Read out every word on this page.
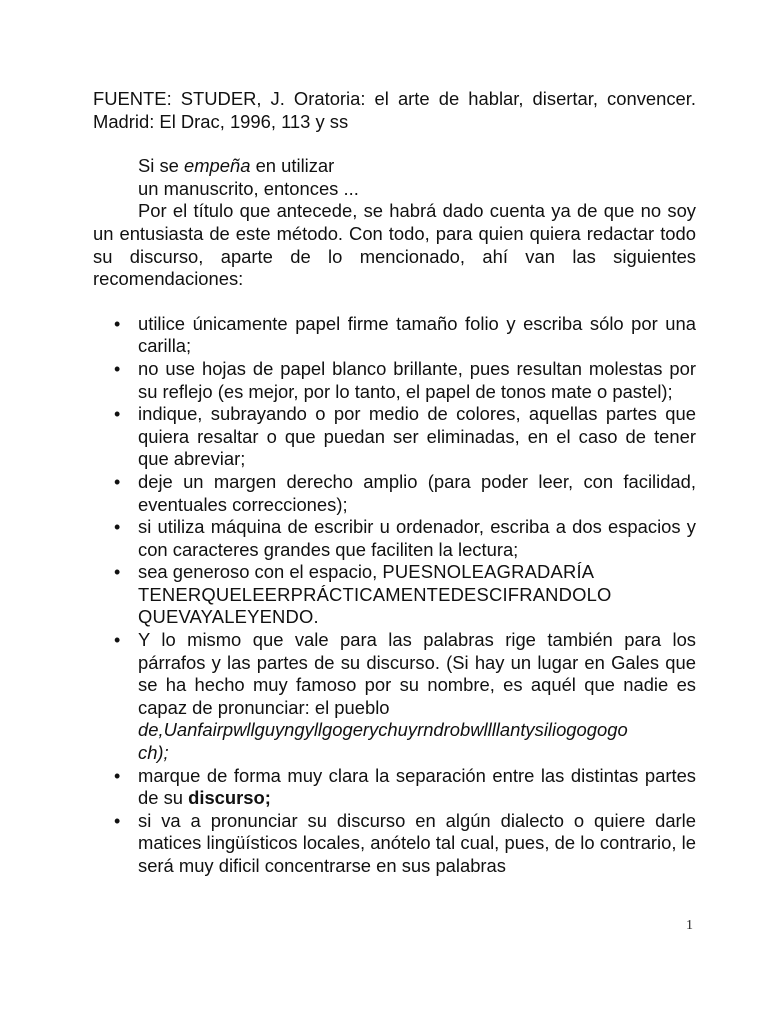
FUENTE: STUDER, J. Oratoria: el arte de hablar, disertar, convencer. Madrid: El Drac, 1996, 113 y ss

Si se empeña en utilizar
un manuscrito, entonces ...

Por el título que antecede, se habrá dado cuenta ya de que no soy un entusiasta de este método. Con todo, para quien quiera redactar todo su discurso, aparte de lo mencionado, ahí van las siguientes recomendaciones:

• utilice únicamente papel firme tamaño folio y escriba sólo por una carilla;
• no use hojas de papel blanco brillante, pues resultan molestas por su reflejo (es mejor, por lo tanto, el papel de tonos mate o pastel);
• indique, subrayando o por medio de colores, aquellas partes que quiera resaltar o que puedan ser eliminadas, en el caso de tener que abreviar;
• deje un margen derecho amplio (para poder leer, con facilidad, eventuales correcciones);
• si utiliza máquina de escribir u ordenador, escriba a dos espacios y con caracteres grandes que faciliten la lectura;
• sea generoso con el espacio, PUESNOLEAGRADARÍA
TENERQUELEERPRÁCTICAMENTEDESCIFRANDOLO
QUEVAYALEYENDO.
• Y lo mismo que vale para las palabras rige también para los párrafos y las partes de su discurso. (Si hay un lugar en Gales que se ha hecho muy famoso por su nombre, es aquél que nadie es capaz de pronunciar: el pueblo
de,Uanfairpwllguyngyllgogerychuyrndrobwllllantysiliogogogo
ch);
• marque de forma muy clara la separación entre las distintas partes de su discurso;
• si va a pronunciar su discurso en algún dialecto o quiere darle matices lingüísticos locales, anótelo tal cual, pues, de lo contrario, le será muy dificil concentrarse en sus palabras
1
